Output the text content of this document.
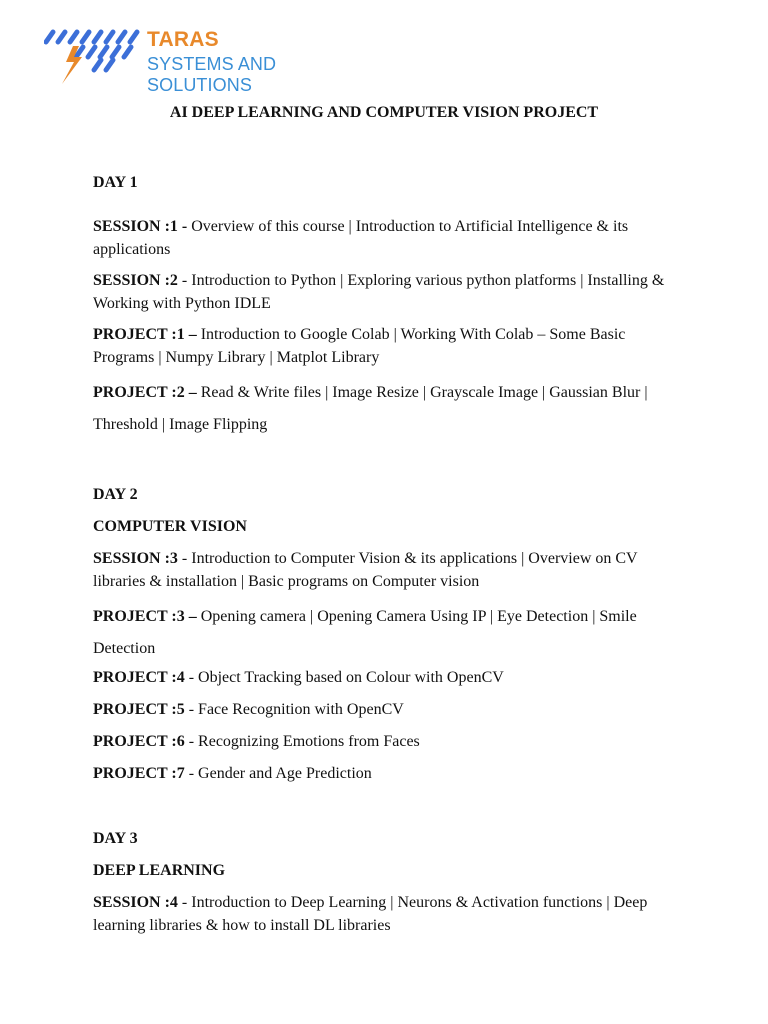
TARAS
SYSTEMS AND SOLUTIONS
AI DEEP LEARNING AND COMPUTER VISION PROJECT
DAY 1

SESSION :1 - Overview of this course | Introduction to Artificial Intelligence & its applications

SESSION :2 - Introduction to Python | Exploring various python platforms | Installing & Working with Python IDLE

PROJECT :1 – Introduction to Google Colab | Working With Colab – Some Basic Programs | Numpy Library | Matplot Library

PROJECT :2 – Read & Write files | Image Resize | Grayscale Image | Gaussian Blur | Threshold | Image Flipping

DAY 2
COMPUTER VISION

SESSION :3 - Introduction to Computer Vision & its applications | Overview on CV libraries & installation | Basic programs on Computer vision

PROJECT :3 – Opening camera | Opening Camera Using IP | Eye Detection | Smile Detection

PROJECT :4 - Object Tracking based on Colour with OpenCV

PROJECT :5 - Face Recognition with OpenCV

PROJECT :6 - Recognizing Emotions from Faces

PROJECT :7 - Gender and Age Prediction

DAY 3
DEEP LEARNING

SESSION :4 - Introduction to Deep Learning | Neurons & Activation functions | Deep learning libraries & how to install DL libraries
